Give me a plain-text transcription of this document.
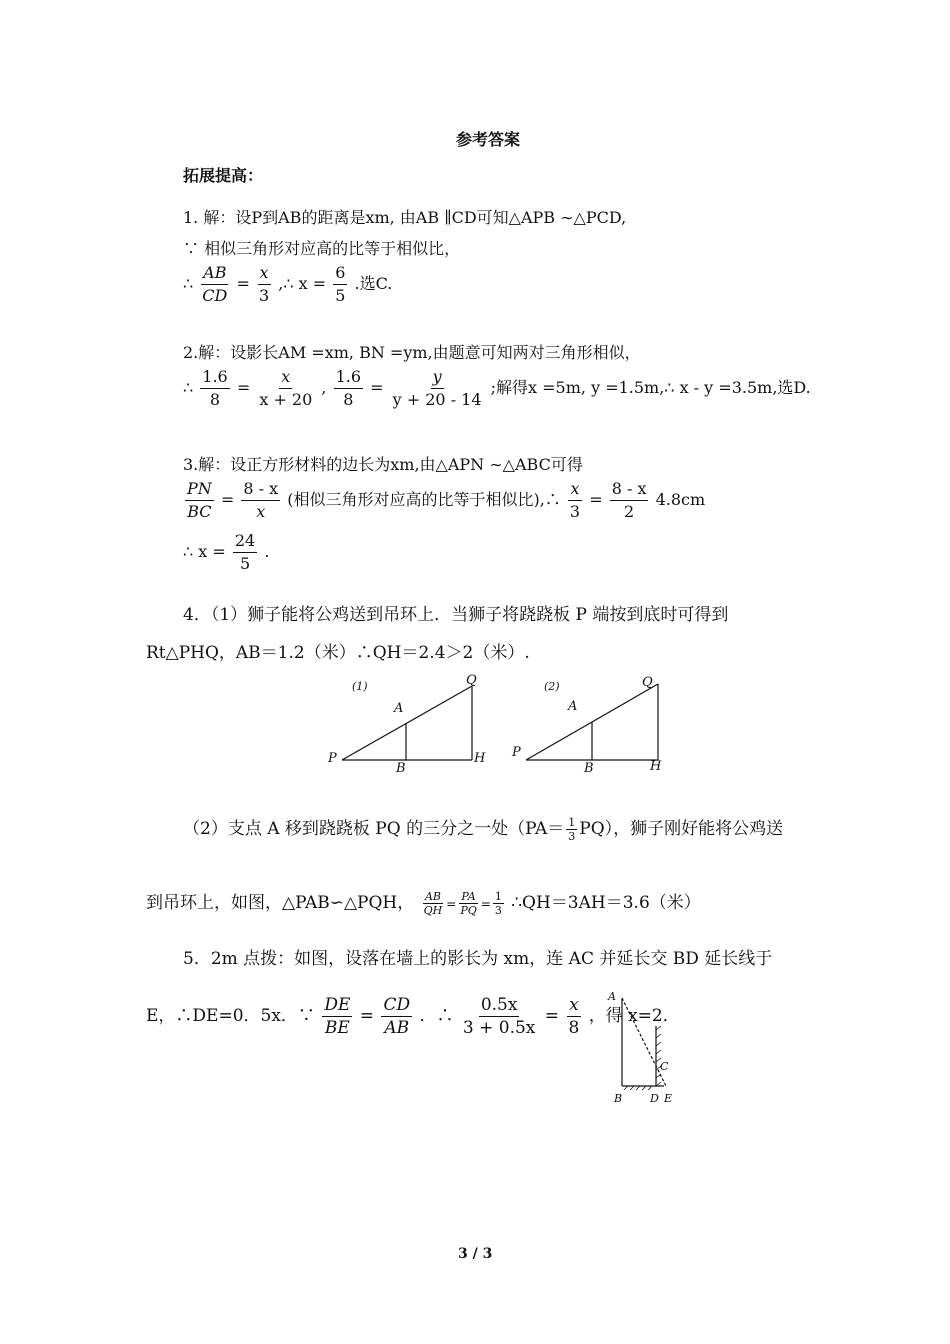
参考答案
拓展提高：
1. 解：设P到AB的距离是xm, 由AB ∥CD可知△APB ∼△PCD,
∵ 相似三角形对应高的比等于相似比，
∴ $\frac{AB}{CD} = \frac{x}{3}$ ,∴ $x = \frac{6}{5}$ .选C.
2.解：设影长AM =xm, BN =ym,由题意可知两对三角形相似，
∴ $\frac{1.6}{8} = \frac{x}{x + 20}$ , $\frac{1.6}{8} = \frac{y}{y + 20 - 14}$ ;解得x =5m, y =1.5m,∴ x - y =3.5m,选D.
3.解：设正方形材料的边长为xm,由△APN ∼△ABC可得
$\frac{PN}{BC} = \frac{8 - x}{x}$ (相似三角形对应高的比等于相似比),∴ $\frac{x}{3} = \frac{8 - x}{2} 4.8cm$
∴ $x = \frac{24}{5}$ .
4．（1）狮子能将公鸡送到吊环上．当狮子将跷跷板 P 端按到底时可得到
Rt△PHQ，AB＝1.2（米）∴QH＝2.4＞2（米）.
(1)
P
A
B
Q
H
(2)
P
A
B
Q
H
（2）支点 A 移到跷跷板 PQ 的三分之一处$(PA= \frac{1}{3} PQ)$，狮子刚好能将公鸡送
到吊环上，如图，△PAB∽△PQH， $\frac{AB}{QH} = \frac{PA}{PQ} = \frac{1}{3}$ ∴QH＝3AH＝3.6（米）
5．2m 点拨：如图，设落在墙上的影长为 xm，连 AC 并延长交 BD 延长线于
E，∴DE=0．5x．∵ $\frac{DE}{BE} = \frac{CD}{AB}$ ．∴ $\frac{0.5x}{3 + 0.5x} = \frac{x}{8}$ ，得 x=2．
A
B
C
D E
3 / 3
